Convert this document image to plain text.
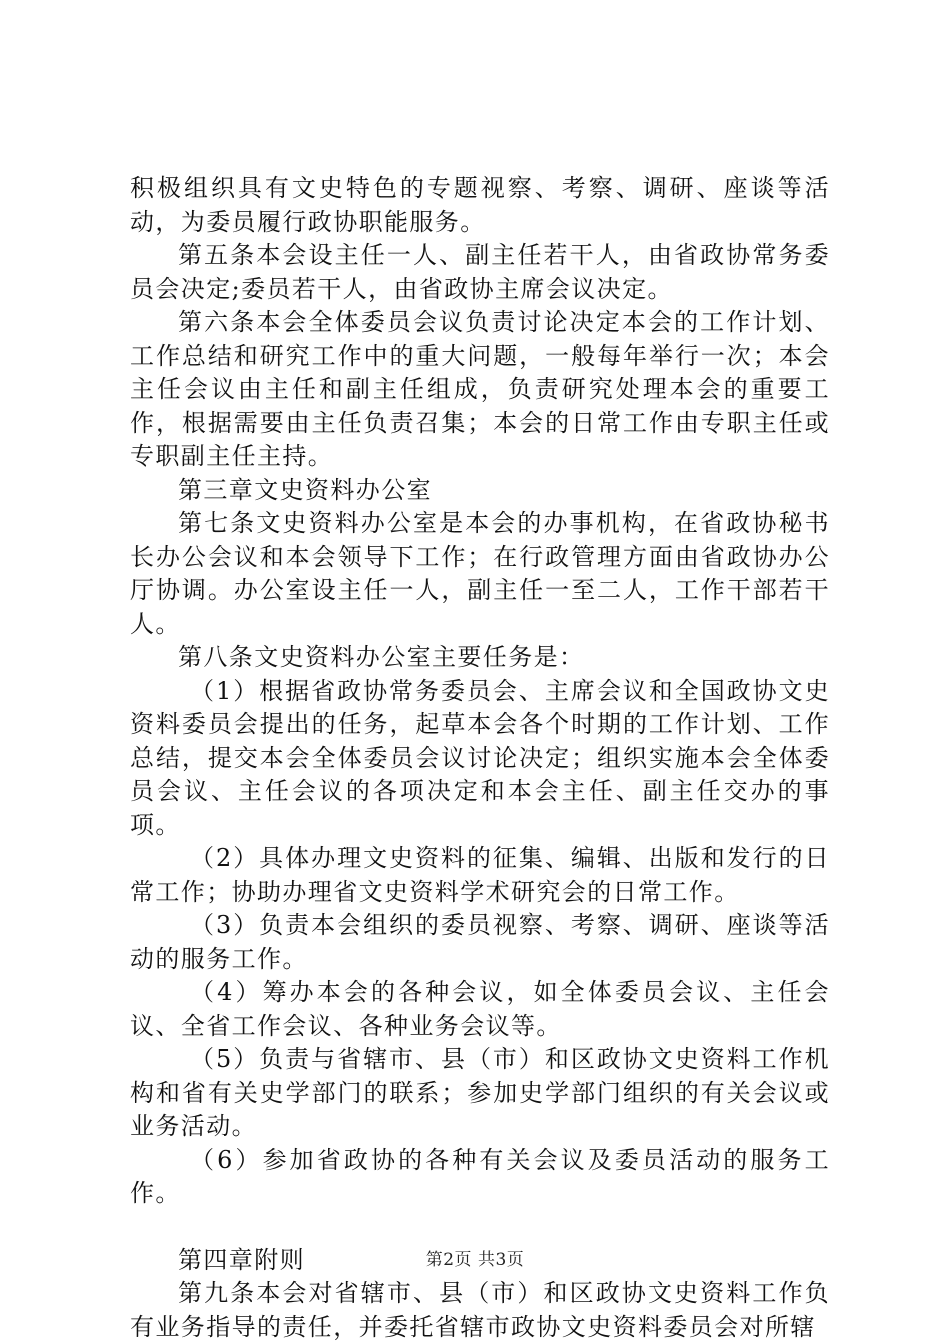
积极组织具有文史特色的专题视察、考察、调研、座谈等活动，为委员履行政协职能服务。

第五条本会设主任一人、副主任若干人，由省政协常务委员会决定;委员若干人，由省政协主席会议决定。

第六条本会全体委员会议负责讨论决定本会的工作计划、工作总结和研究工作中的重大问题，一般每年举行一次；本会主任会议由主任和副主任组成，负责研究处理本会的重要工作，根据需要由主任负责召集；本会的日常工作由专职主任或专职副主任主持。

第三章文史资料办公室

第七条文史资料办公室是本会的办事机构，在省政协秘书长办公会议和本会领导下工作；在行政管理方面由省政协办公厅协调。办公室设主任一人，副主任一至二人，工作干部若干人。

第八条文史资料办公室主要任务是：

（1）根据省政协常务委员会、主席会议和全国政协文史资料委员会提出的任务，起草本会各个时期的工作计划、工作总结，提交本会全体委员会议讨论决定；组织实施本会全体委员会议、主任会议的各项决定和本会主任、副主任交办的事项。

（2）具体办理文史资料的征集、编辑、出版和发行的日常工作；协助办理省文史资料学术研究会的日常工作。

（3）负责本会组织的委员视察、考察、调研、座谈等活动的服务工作。

（4）筹办本会的各种会议，如全体委员会议、主任会议、全省工作会议、各种业务会议等。

（5）负责与省辖市、县（市）和区政协文史资料工作机构和省有关史学部门的联系；参加史学部门组织的有关会议或业务活动。

（6）参加省政协的各种有关会议及委员活动的服务工作。

第四章附则

第九条本会对省辖市、县（市）和区政协文史资料工作负有业务指导的责任，并委托省辖市政协文史资料委员会对所辖

第2页 共3页
